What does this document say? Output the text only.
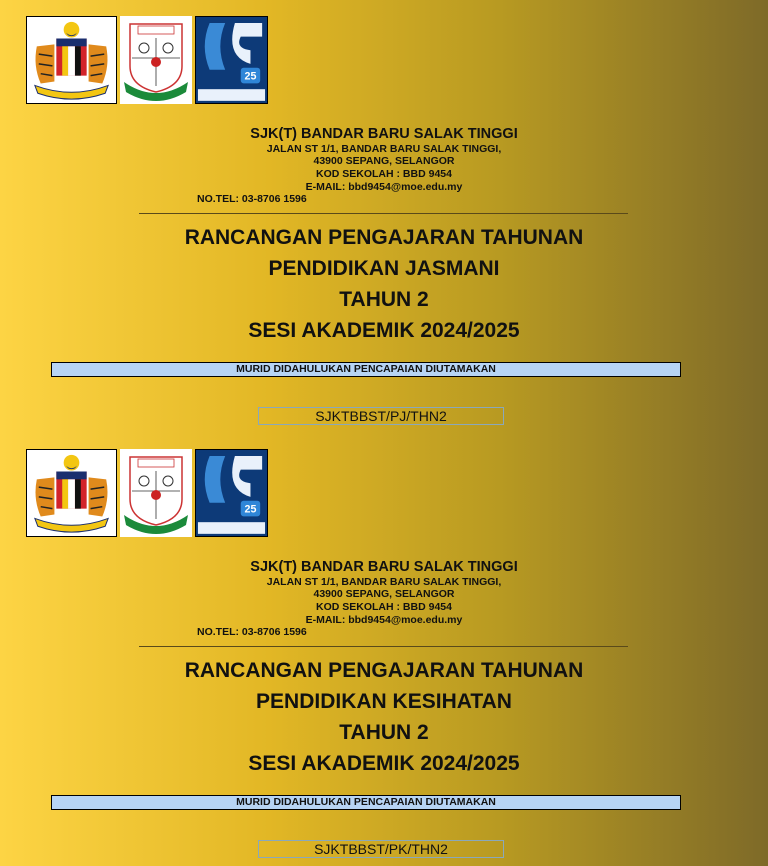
25
SJK(T) BANDAR BARU SALAK TINGGI
JALAN ST 1/1, BANDAR BARU SALAK TINGGI,
43900 SEPANG, SELANGOR
KOD SEKOLAH : BBD 9454
E-MAIL: bbd9454@moe.edu.my
NO.TEL: 03-8706 1596
RANCANGAN PENGAJARAN TAHUNAN
PENDIDIKAN JASMANI
TAHUN 2
SESI AKADEMIK 2024/2025
MURID DIDAHULUKAN PENCAPAIAN DIUTAMAKAN
SJKTBBST/PJ/THN2
25
SJK(T) BANDAR BARU SALAK TINGGI
JALAN ST 1/1, BANDAR BARU SALAK TINGGI,
43900 SEPANG, SELANGOR
KOD SEKOLAH : BBD 9454
E-MAIL: bbd9454@moe.edu.my
NO.TEL: 03-8706 1596
RANCANGAN PENGAJARAN TAHUNAN
PENDIDIKAN KESIHATAN
TAHUN 2
SESI AKADEMIK 2024/2025
MURID DIDAHULUKAN PENCAPAIAN DIUTAMAKAN
SJKTBBST/PK/THN2
